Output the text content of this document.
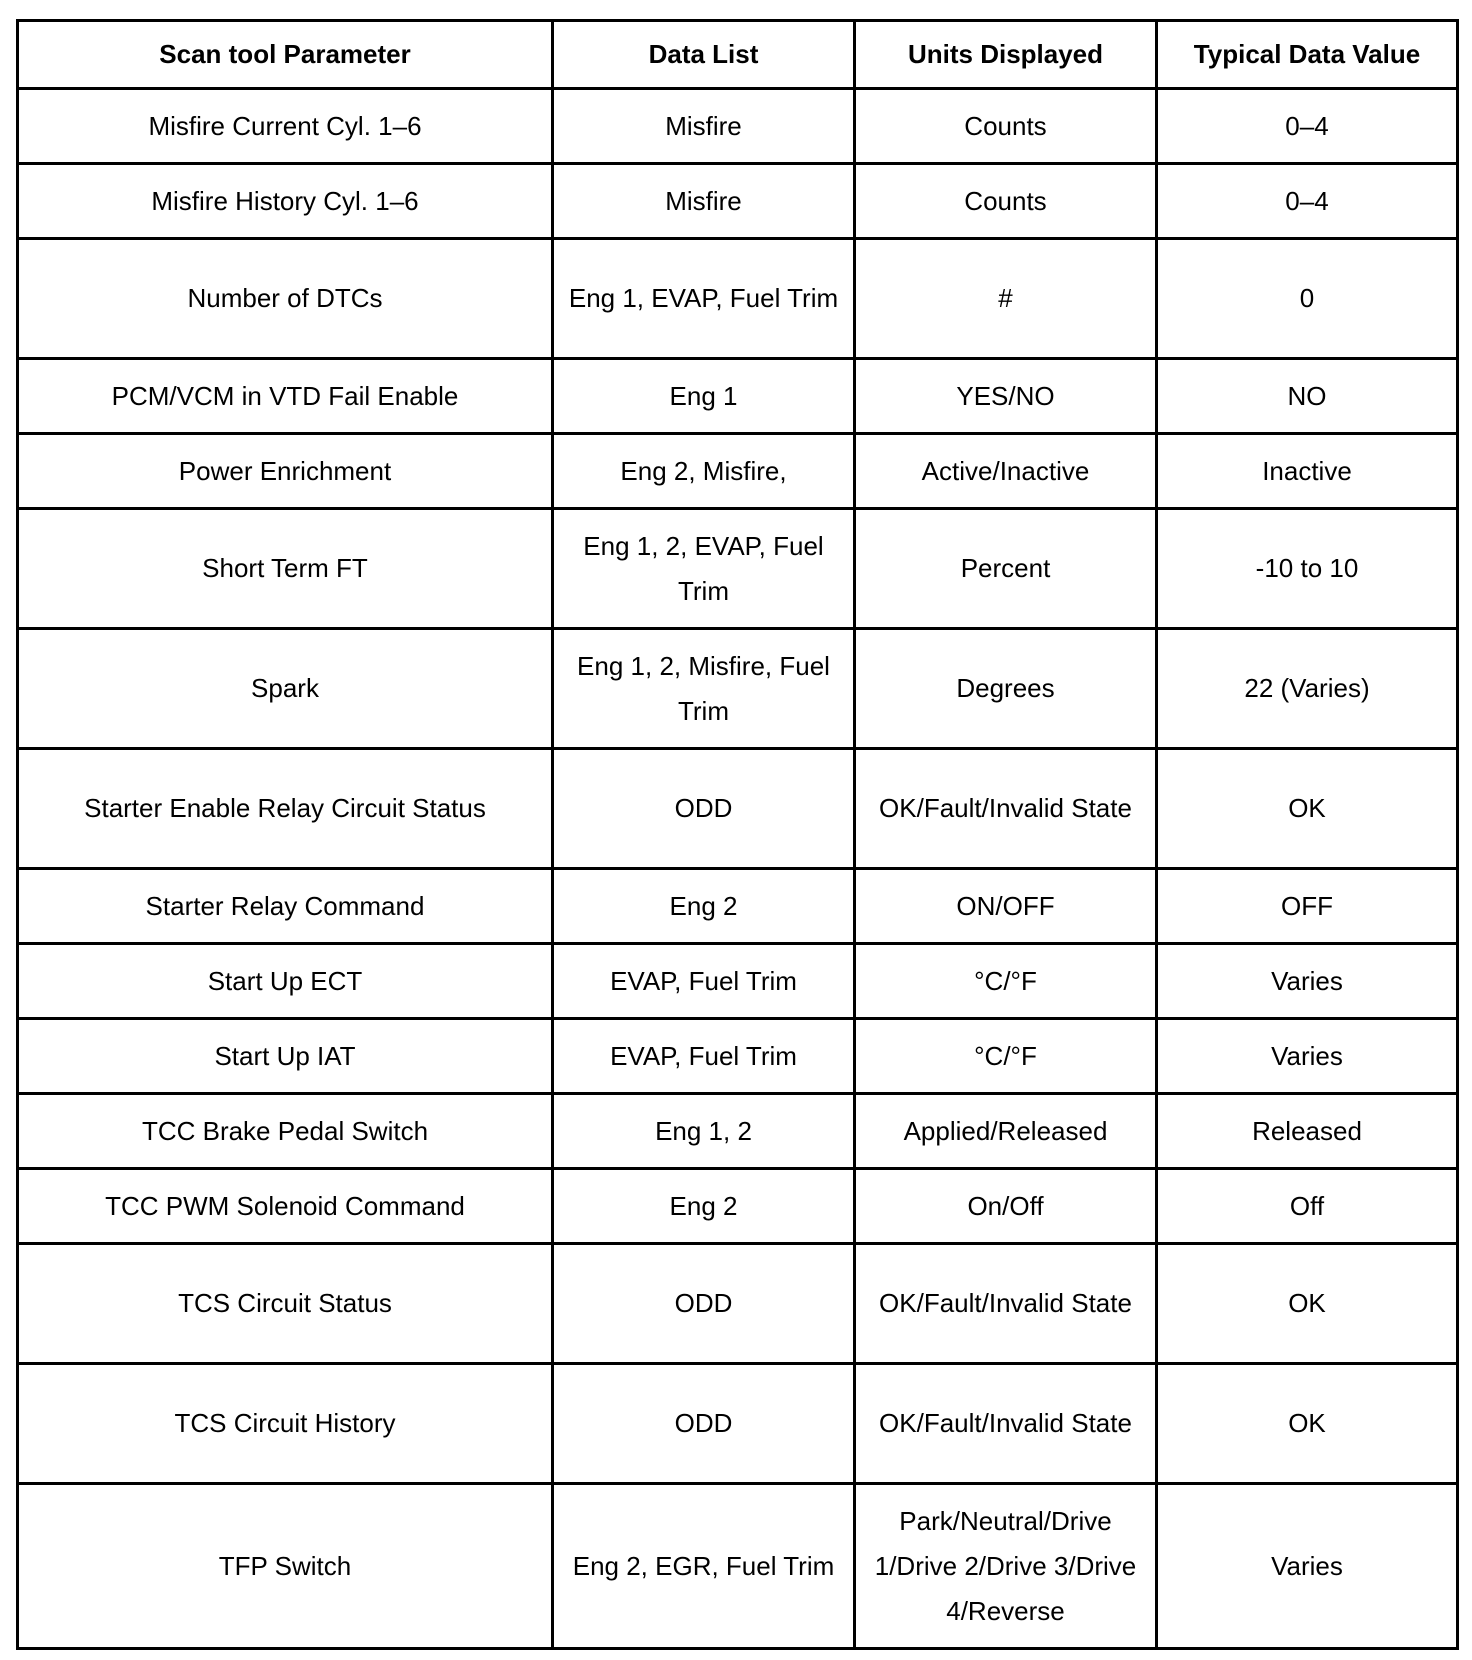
Scan tool Parameter	Data List	Units Displayed	Typical Data Value
Misfire Current Cyl. 1–6	Misfire	Counts	0–4
Misfire History Cyl. 1–6	Misfire	Counts	0–4
Number of DTCs	Eng 1, EVAP, Fuel Trim	#	0
PCM/VCM in VTD Fail Enable	Eng 1	YES/NO	NO
Power Enrichment	Eng 2, Misfire,	Active/Inactive	Inactive
Short Term FT	Eng 1, 2, EVAP, Fuel Trim	Percent	-10 to 10
Spark	Eng 1, 2, Misfire, Fuel Trim	Degrees	22 (Varies)
Starter Enable Relay Circuit Status	ODD	OK/Fault/Invalid State	OK
Starter Relay Command	Eng 2	ON/OFF	OFF
Start Up ECT	EVAP, Fuel Trim	°C/°F	Varies
Start Up IAT	EVAP, Fuel Trim	°C/°F	Varies
TCC Brake Pedal Switch	Eng 1, 2	Applied/Released	Released
TCC PWM Solenoid Command	Eng 2	On/Off	Off
TCS Circuit Status	ODD	OK/Fault/Invalid State	OK
TCS Circuit History	ODD	OK/Fault/Invalid State	OK
TFP Switch	Eng 2, EGR, Fuel Trim	Park/Neutral/Drive 1/Drive 2/Drive 3/Drive 4/Reverse	Varies
